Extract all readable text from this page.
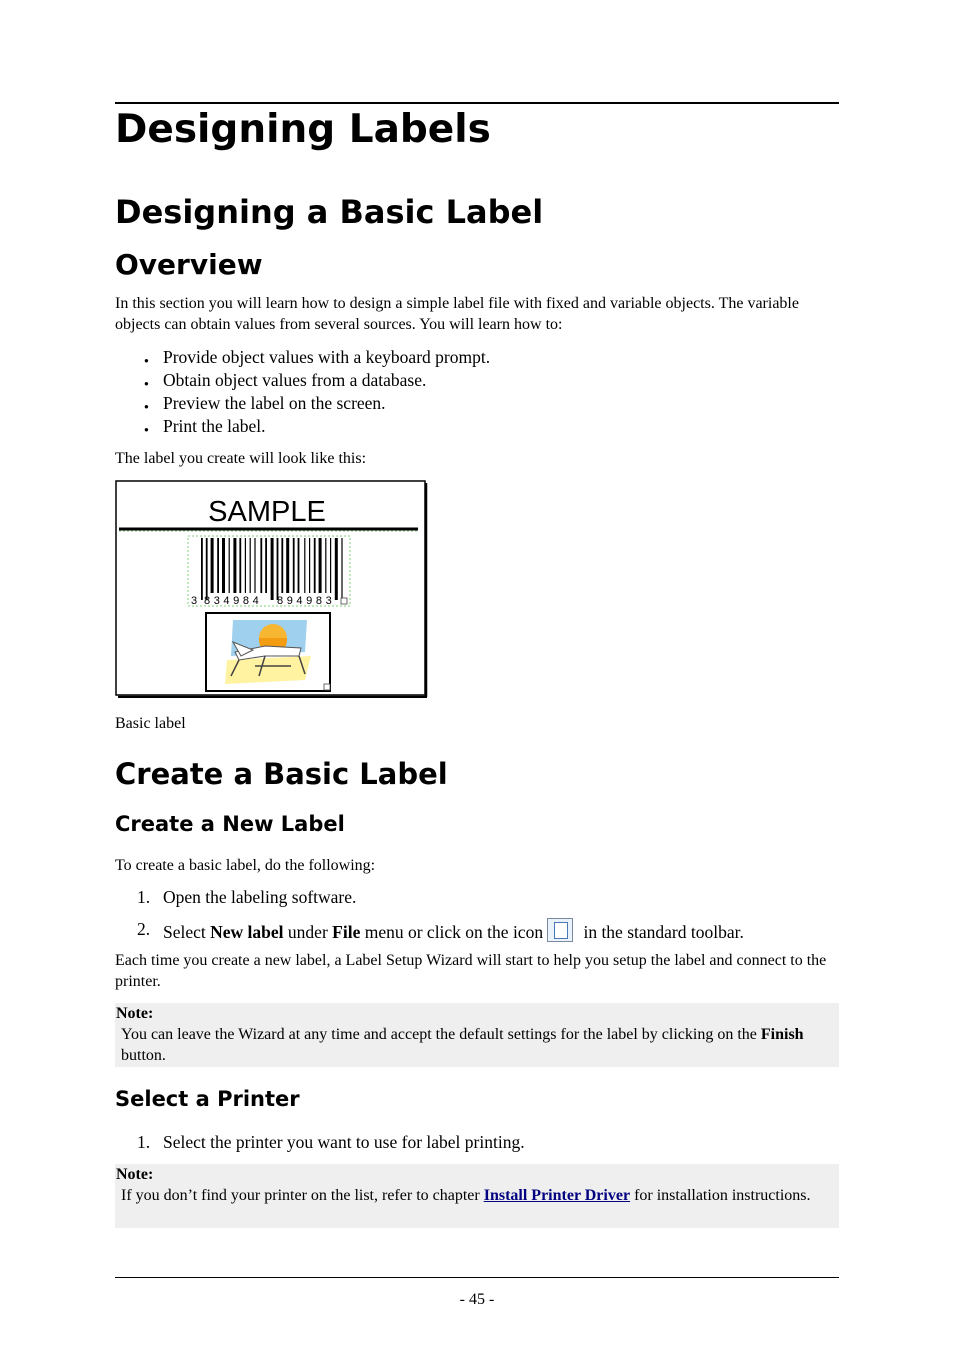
Designing Labels
Designing a Basic Label
Overview
In this section you will learn how to design a simple label file with fixed and variable objects. The variable objects can obtain values from several sources. You will learn how to:
● Provide object values with a keyboard prompt.
● Obtain object values from a database.
● Preview the label on the screen.
● Print the label.
The label you create will look like this:
SAMPLE
3 834984 894983
Basic label
Create a Basic Label
Create a New Label
To create a basic label, do the following:
1. Open the labeling software.
2. Select New label under File menu or click on the icon in the standard toolbar.
Each time you create a new label, a Label Setup Wizard will start to help you setup the label and connect to the printer.
Note:
You can leave the Wizard at any time and accept the default settings for the label by clicking on the Finish button.
Select a Printer
1. Select the printer you want to use for label printing.
Note:
If you don’t find your printer on the list, refer to chapter Install Printer Driver for installation instructions.
- 45 -
